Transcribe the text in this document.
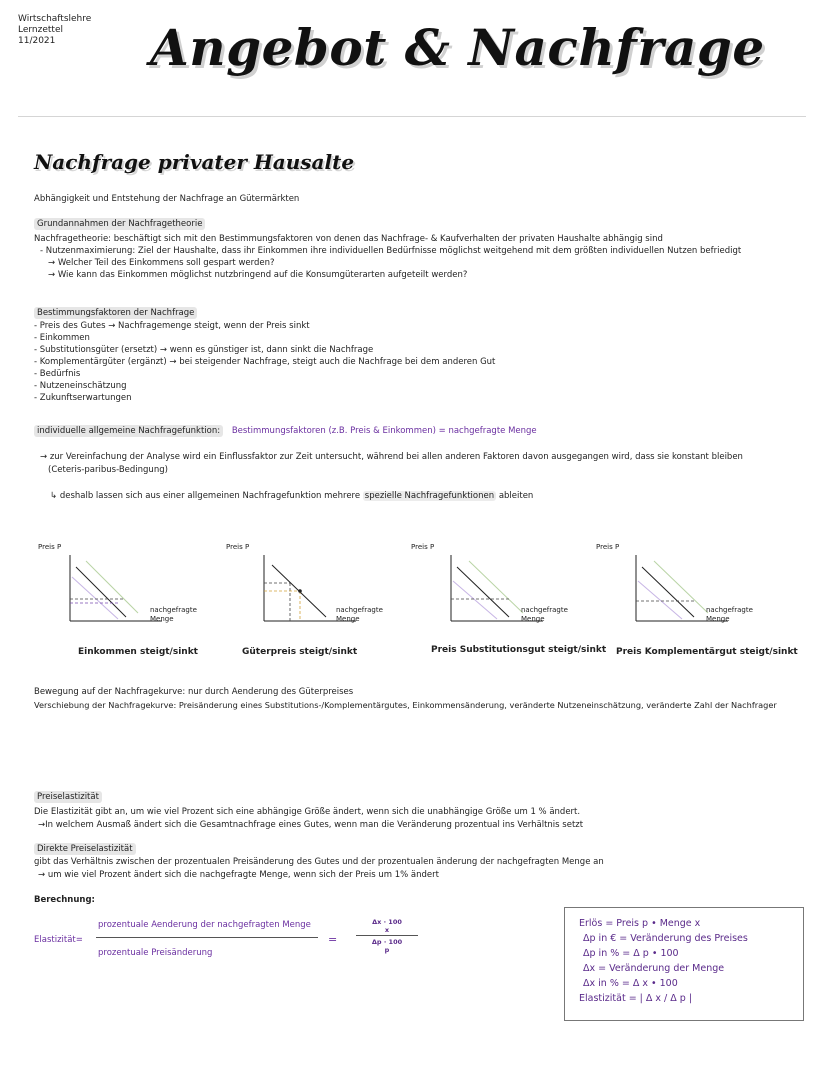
Wirtschaftslehre
Lernzettel
11/2021	Angebot & Nachfrage
Nachfrage privater Hausalte
Abhängigkeit und Entstehung der Nachfrage an Gütermärkten
Grundannahmen der Nachfragetheorie
Nachfragetheorie: beschäftigt sich mit den Bestimmungsfaktoren von denen das Nachfrage- & Kaufverhalten der privaten Haushalte abhängig sind
- Nutzenmaximierung: Ziel der Haushalte, dass ihr Einkommen ihre individuellen Bedürfnisse möglichst weitgehend mit dem größten individuellen Nutzen befriedigt
→ Welcher Teil des Einkommens soll gespart werden?
→ Wie kann das Einkommen möglichst nutzbringend auf die Konsumgüterarten aufgeteilt werden?
Bestimmungsfaktoren der Nachfrage
- Preis des Gutes → Nachfragemenge steigt, wenn der Preis sinkt
- Einkommen
- Substitutionsgüter (ersetzt) → wenn es günstiger ist, dann sinkt die Nachfrage
- Komplementärgüter (ergänzt) → bei steigender Nachfrage, steigt auch die Nachfrage bei dem anderen Gut
- Bedürfnis
- Nutzeneinschätzung
- Zukunftserwartungen
individuelle allgemeine Nachfragefunktion: Bestimmungsfaktoren (z.B. Preis & Einkommen) = nachgefragte Menge
→ zur Vereinfachung der Analyse wird ein Einflussfaktor zur Zeit untersucht, während bei allen anderen Faktoren davon ausgegangen wird, dass sie konstant bleiben
(Ceteris-paribus-Bedingung)
↳ deshalb lassen sich aus einer allgemeinen Nachfragefunktion mehrere spezielle Nachfragefunktionen ableiten
Preis P
nachgefragte
Menge
Einkommen steigt/sinkt
Preis P
nachgefragte
Menge
Güterpreis steigt/sinkt
Preis P
nachgefragte
Menge
Preis Substitutionsgut steigt/sinkt
Preis P
nachgefragte
Menge
Preis Komplementärgut steigt/sinkt
Bewegung auf der Nachfragekurve: nur durch Aenderung des Güterpreises
Verschiebung der Nachfragekurve: Preisänderung eines Substitutions-/Komplementärgutes, Einkommensänderung, veränderte Nutzeneinschätzung, veränderte Zahl der Nachfrager
Preiselastizität
Die Elastizität gibt an, um wie viel Prozent sich eine abhängige Größe ändert, wenn sich die unabhängige Größe um 1 % ändert.
→In welchem Ausmaß ändert sich die Gesamtnachfrage eines Gutes, wenn man die Veränderung prozentual ins Verhältnis setzt
Direkte Preiselastizität
gibt das Verhältnis zwischen der prozentualen Preisänderung des Gutes und der prozentualen änderung der nachgefragten Menge an
→ um wie viel Prozent ändert sich die nachgefragte Menge, wenn sich der Preis um 1% ändert
Berechnung:
Elastizität=
prozentuale Aenderung der nachgefragten Menge
prozentuale Preisänderung
=
Δx · 100
x
Δp · 100
p
Erlös = Preis p • Menge x
Δp in € = Veränderung des Preises
Δp in % = Δ p • 100
Δx = Veränderung der Menge
Δx in % = Δ x • 100
Elastizität = | Δ x / Δ p |
